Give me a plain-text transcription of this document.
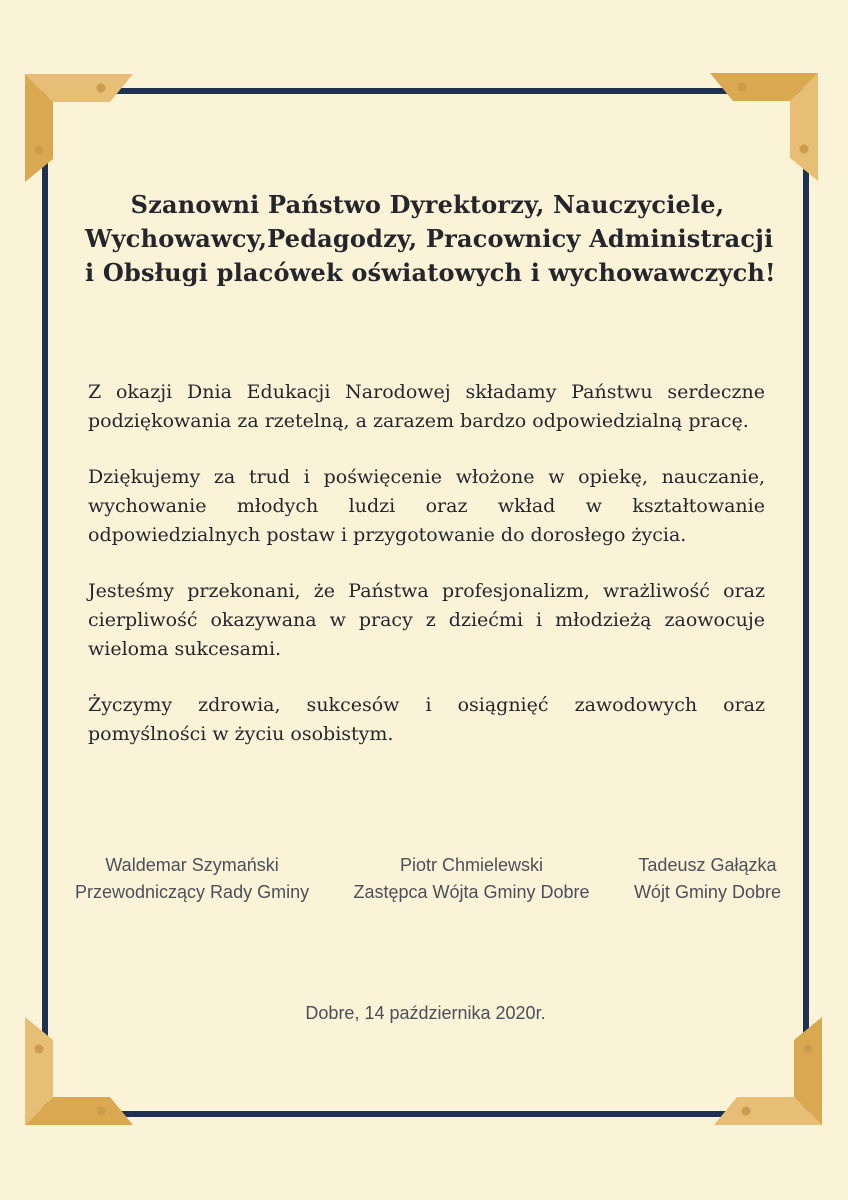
Szanowni Państwo Dyrektorzy, Nauczyciele,
Wychowawcy,Pedagodzy, Pracownicy Administracji
i Obsługi placówek oświatowych i wychowawczych!

Z okazji Dnia Edukacji Narodowej składamy Państwu serdeczne podziękowania za rzetelną, a zarazem bardzo odpowiedzialną pracę.

Dziękujemy za trud i poświęcenie włożone w opiekę, nauczanie, wychowanie młodych ludzi oraz wkład w kształtowanie odpowiedzialnych postaw i przygotowanie do dorosłego życia.

Jesteśmy przekonani, że Państwa profesjonalizm, wrażliwość oraz cierpliwość okazywana w pracy z dziećmi i młodzieżą zaowocuje wieloma sukcesami.

Życzymy zdrowia, sukcesów i osiągnięć zawodowych oraz pomyślności w życiu osobistym.

Waldemar Szymański
Przewodniczący Rady Gminy
Piotr Chmielewski
Zastępca Wójta Gminy Dobre
Tadeusz Gałązka
Wójt Gminy Dobre
Dobre, 14 października 2020r.
